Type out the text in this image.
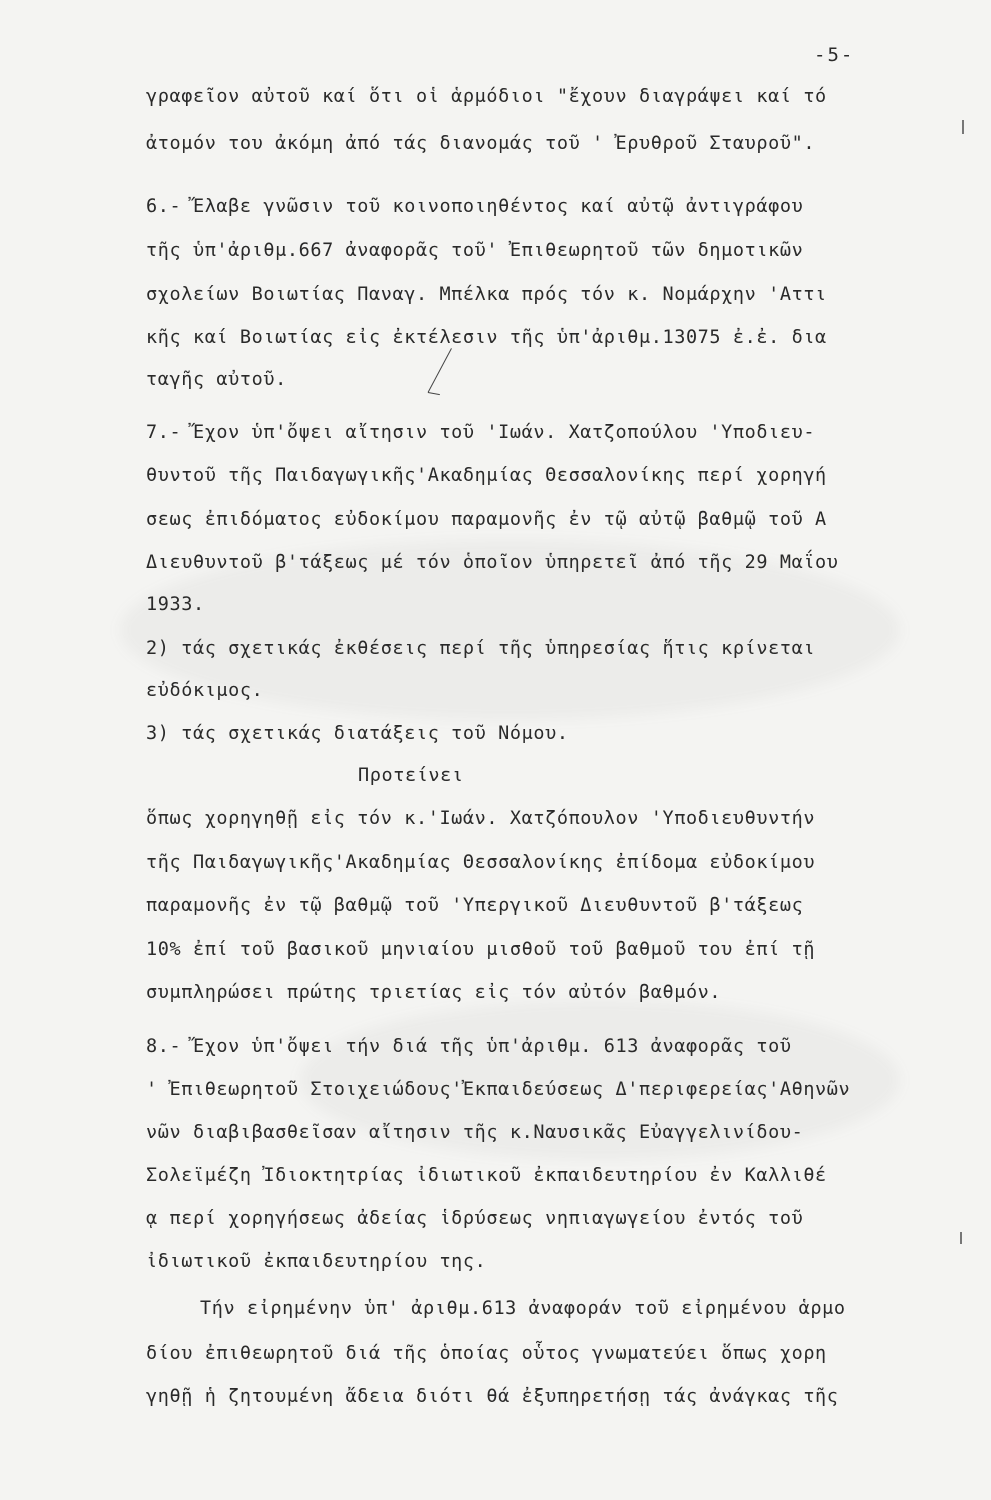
-5-
γραφεῖον αὐτοῦ καί ὅτι οἱ ἁρμόδιοι "ἔχουν διαγράψει καί τό
ἀτομόν του ἀκόμη ἀπό τάς διανομάς τοῦ ' Ἐρυθροῦ Σταυροῦ".
6.- Ἔλαβε γνῶσιν τοῦ κοινοποιηθέντος καί αὐτῷ ἀντιγράφου
τῆς ὑπ'ἀριθμ.667 ἀναφορᾶς τοῦ' Ἐπιθεωρητοῦ τῶν δημοτικῶν
σχολείων Βοιωτίας Παναγ. Μπέλκα πρός τόν κ. Νομάρχην 'Αττι
κῆς καί Βοιωτίας εἰς ἐκτέλεσιν τῆς ὑπ'ἀριθμ.13075 ἐ.ἐ. δια
ταγῆς αὐτοῦ.
7.- Ἔχον ὑπ'ὄψει αἴτησιν τοῦ 'Ιωάν. Χατζοπούλου 'Υποδιευ-
θυντοῦ τῆς Παιδαγωγικῆς'Ακαδημίας Θεσσαλονίκης περί χορηγή
σεως ἐπιδόματος εὐδοκίμου παραμονῆς ἐν τῷ αὐτῷ βαθμῷ τοῦ Α
Διευθυντοῦ β'τάξεως μέ τόν ὁποῖον ὑπηρετεῖ ἀπό τῆς 29 Μαΐου
1933.
2) τάς σχετικάς ἐκθέσεις περί τῆς ὑπηρεσίας ἥτις κρίνεται
εὐδόκιμος.
3) τάς σχετικάς διατάξεις τοῦ Νόμου.
Προτείνει
ὅπως χορηγηθῇ εἰς τόν κ.'Ιωάν. Χατζόπουλον 'Υποδιευθυντήν
τῆς Παιδαγωγικῆς'Ακαδημίας Θεσσαλονίκης ἐπίδομα εὐδοκίμου
παραμονῆς ἐν τῷ βαθμῷ τοῦ 'Υπεργικοῦ Διευθυντοῦ β'τάξεως
10% ἐπί τοῦ βασικοῦ μηνιαίου μισθοῦ τοῦ βαθμοῦ του ἐπί τῇ
συμπληρώσει πρώτης τριετίας εἰς τόν αὐτόν βαθμόν.
8.- Ἔχον ὑπ'ὄψει τήν διά τῆς ὑπ'ἀριθμ. 613 ἀναφορᾶς τοῦ
' Ἐπιθεωρητοῦ Στοιχειώδους'Ἐκπαιδεύσεως Δ'περιφερείας'Αθηνῶν
νῶν διαβιβασθεῖσαν αἴτησιν τῆς κ.Ναυσικᾶς Εὐαγγελινίδου-
Σολεϊμέζη Ἰδιοκτητρίας ἰδιωτικοῦ ἐκπαιδευτηρίου ἐν Καλλιθέ
ᾳ περί χορηγήσεως ἀδείας ἱδρύσεως νηπιαγωγείου ἐντός τοῦ
ἰδιωτικοῦ ἐκπαιδευτηρίου της.
Τήν εἰρημένην ὑπ' ἀριθμ.613 ἀναφοράν τοῦ εἰρημένου ἁρμο
δίου ἐπιθεωρητοῦ διά τῆς ὁποίας οὗτος γνωματεύει ὅπως χορη
γηθῇ ἡ ζητουμένη ἄδεια διότι θά ἐξυπηρετήσῃ τάς ἀνάγκας τῆς
